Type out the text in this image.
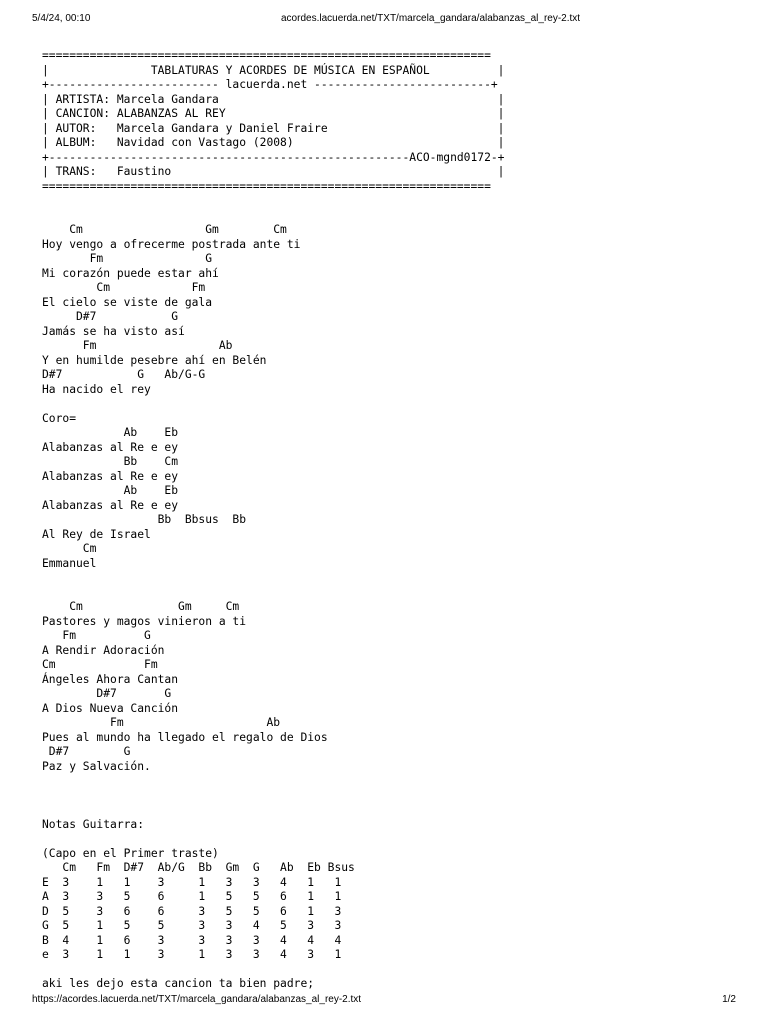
5/4/24, 00:10	acordes.lacuerda.net/TXT/marcela_gandara/alabanzas_al_rey-2.txt
==================================================================
|               TABLATURAS Y ACORDES DE MÚSICA EN ESPAÑOL          |
+------------------------- lacuerda.net --------------------------+
| ARTISTA: Marcela Gandara                                         |
| CANCION: ALABANZAS AL REY                                        |
| AUTOR:   Marcela Gandara y Daniel Fraire                         |
| ALBUM:   Navidad con Vastago (2008)                              |
+-----------------------------------------------------ACO-mgnd0172-+
| TRANS:   Faustino                                                |
==================================================================

Cm                  Gm        Cm
Hoy vengo a ofrecerme postrada ante ti
Fm               G
Mi corazón puede estar ahí
Cm            Fm
El cielo se viste de gala
D#7           G
Jamás se ha visto así
Fm                  Ab
Y en humilde pesebre ahí en Belén
D#7           G   Ab/G-G
Ha nacido el rey

Coro=
Ab    Eb
Alabanzas al Re e ey
Bb    Cm
Alabanzas al Re e ey
Ab    Eb
Alabanzas al Re e ey
Bb  Bbsus  Bb
Al Rey de Israel
Cm
Emmanuel

Cm              Gm     Cm
Pastores y magos vinieron a ti
Fm          G
A Rendir Adoración
Cm             Fm
Ángeles Ahora Cantan
D#7       G
A Dios Nueva Canción
Fm                     Ab
Pues al mundo ha llegado el regalo de Dios
D#7        G
Paz y Salvación.

Notas Guitarra:

(Capo en el Primer traste)
Cm   Fm  D#7  Ab/G  Bb  Gm  G   Ab  Eb Bsus
E  3    1   1    3     1   3   3   4   1   1
A  3    3   5    6     1   5   5   6   1   1
D  5    3   6    6     3   5   5   6   1   3
G  5    1   5    5     3   3   4   5   3   3
B  4    1   6    3     3   3   3   4   4   4
e  3    1   1    3     1   3   3   4   3   1

aki les dejo esta cancion ta bien padre;
https://acordes.lacuerda.net/TXT/marcela_gandara/alabanzas_al_rey-2.txt	1/2
